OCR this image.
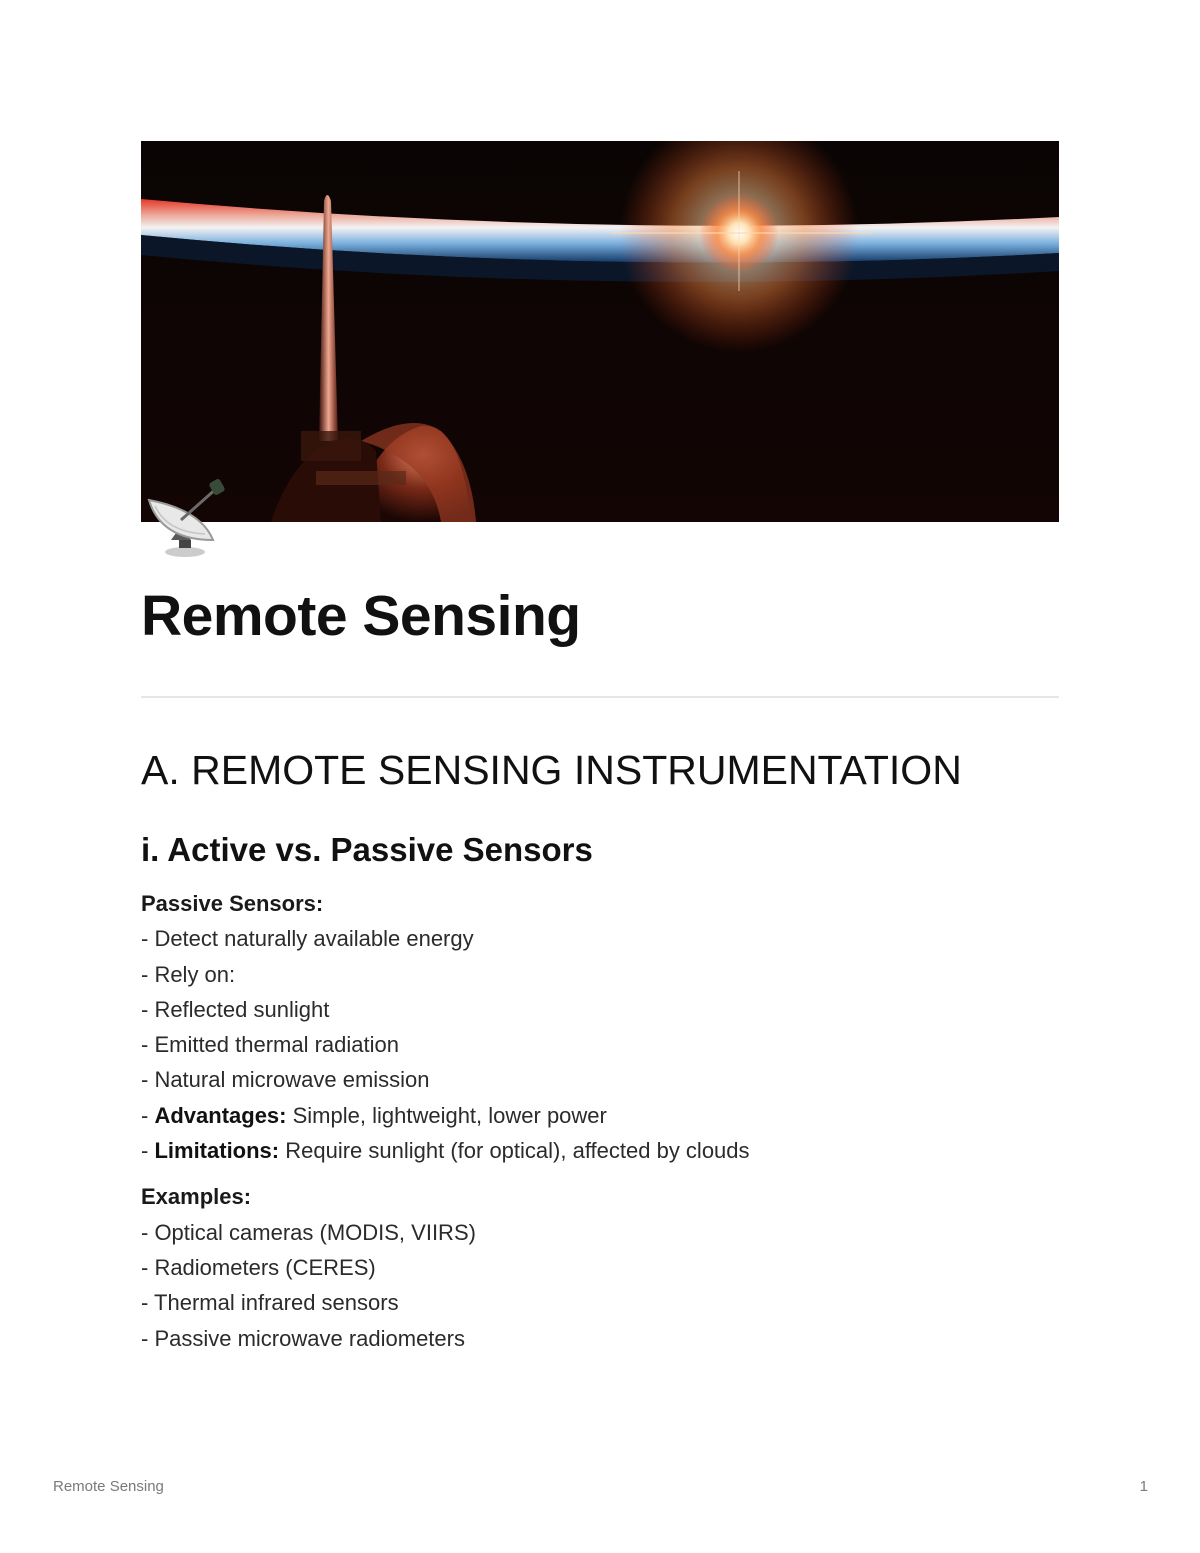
Remote Sensing
A. REMOTE SENSING INSTRUMENTATION
i. Active vs. Passive Sensors
Passive Sensors:
- Detect naturally available energy
- Rely on:
- Reflected sunlight
- Emitted thermal radiation
- Natural microwave emission
- Advantages: Simple, lightweight, lower power
- Limitations: Require sunlight (for optical), affected by clouds
Examples:
- Optical cameras (MODIS, VIIRS)
- Radiometers (CERES)
- Thermal infrared sensors
- Passive microwave radiometers
Remote Sensing	1
